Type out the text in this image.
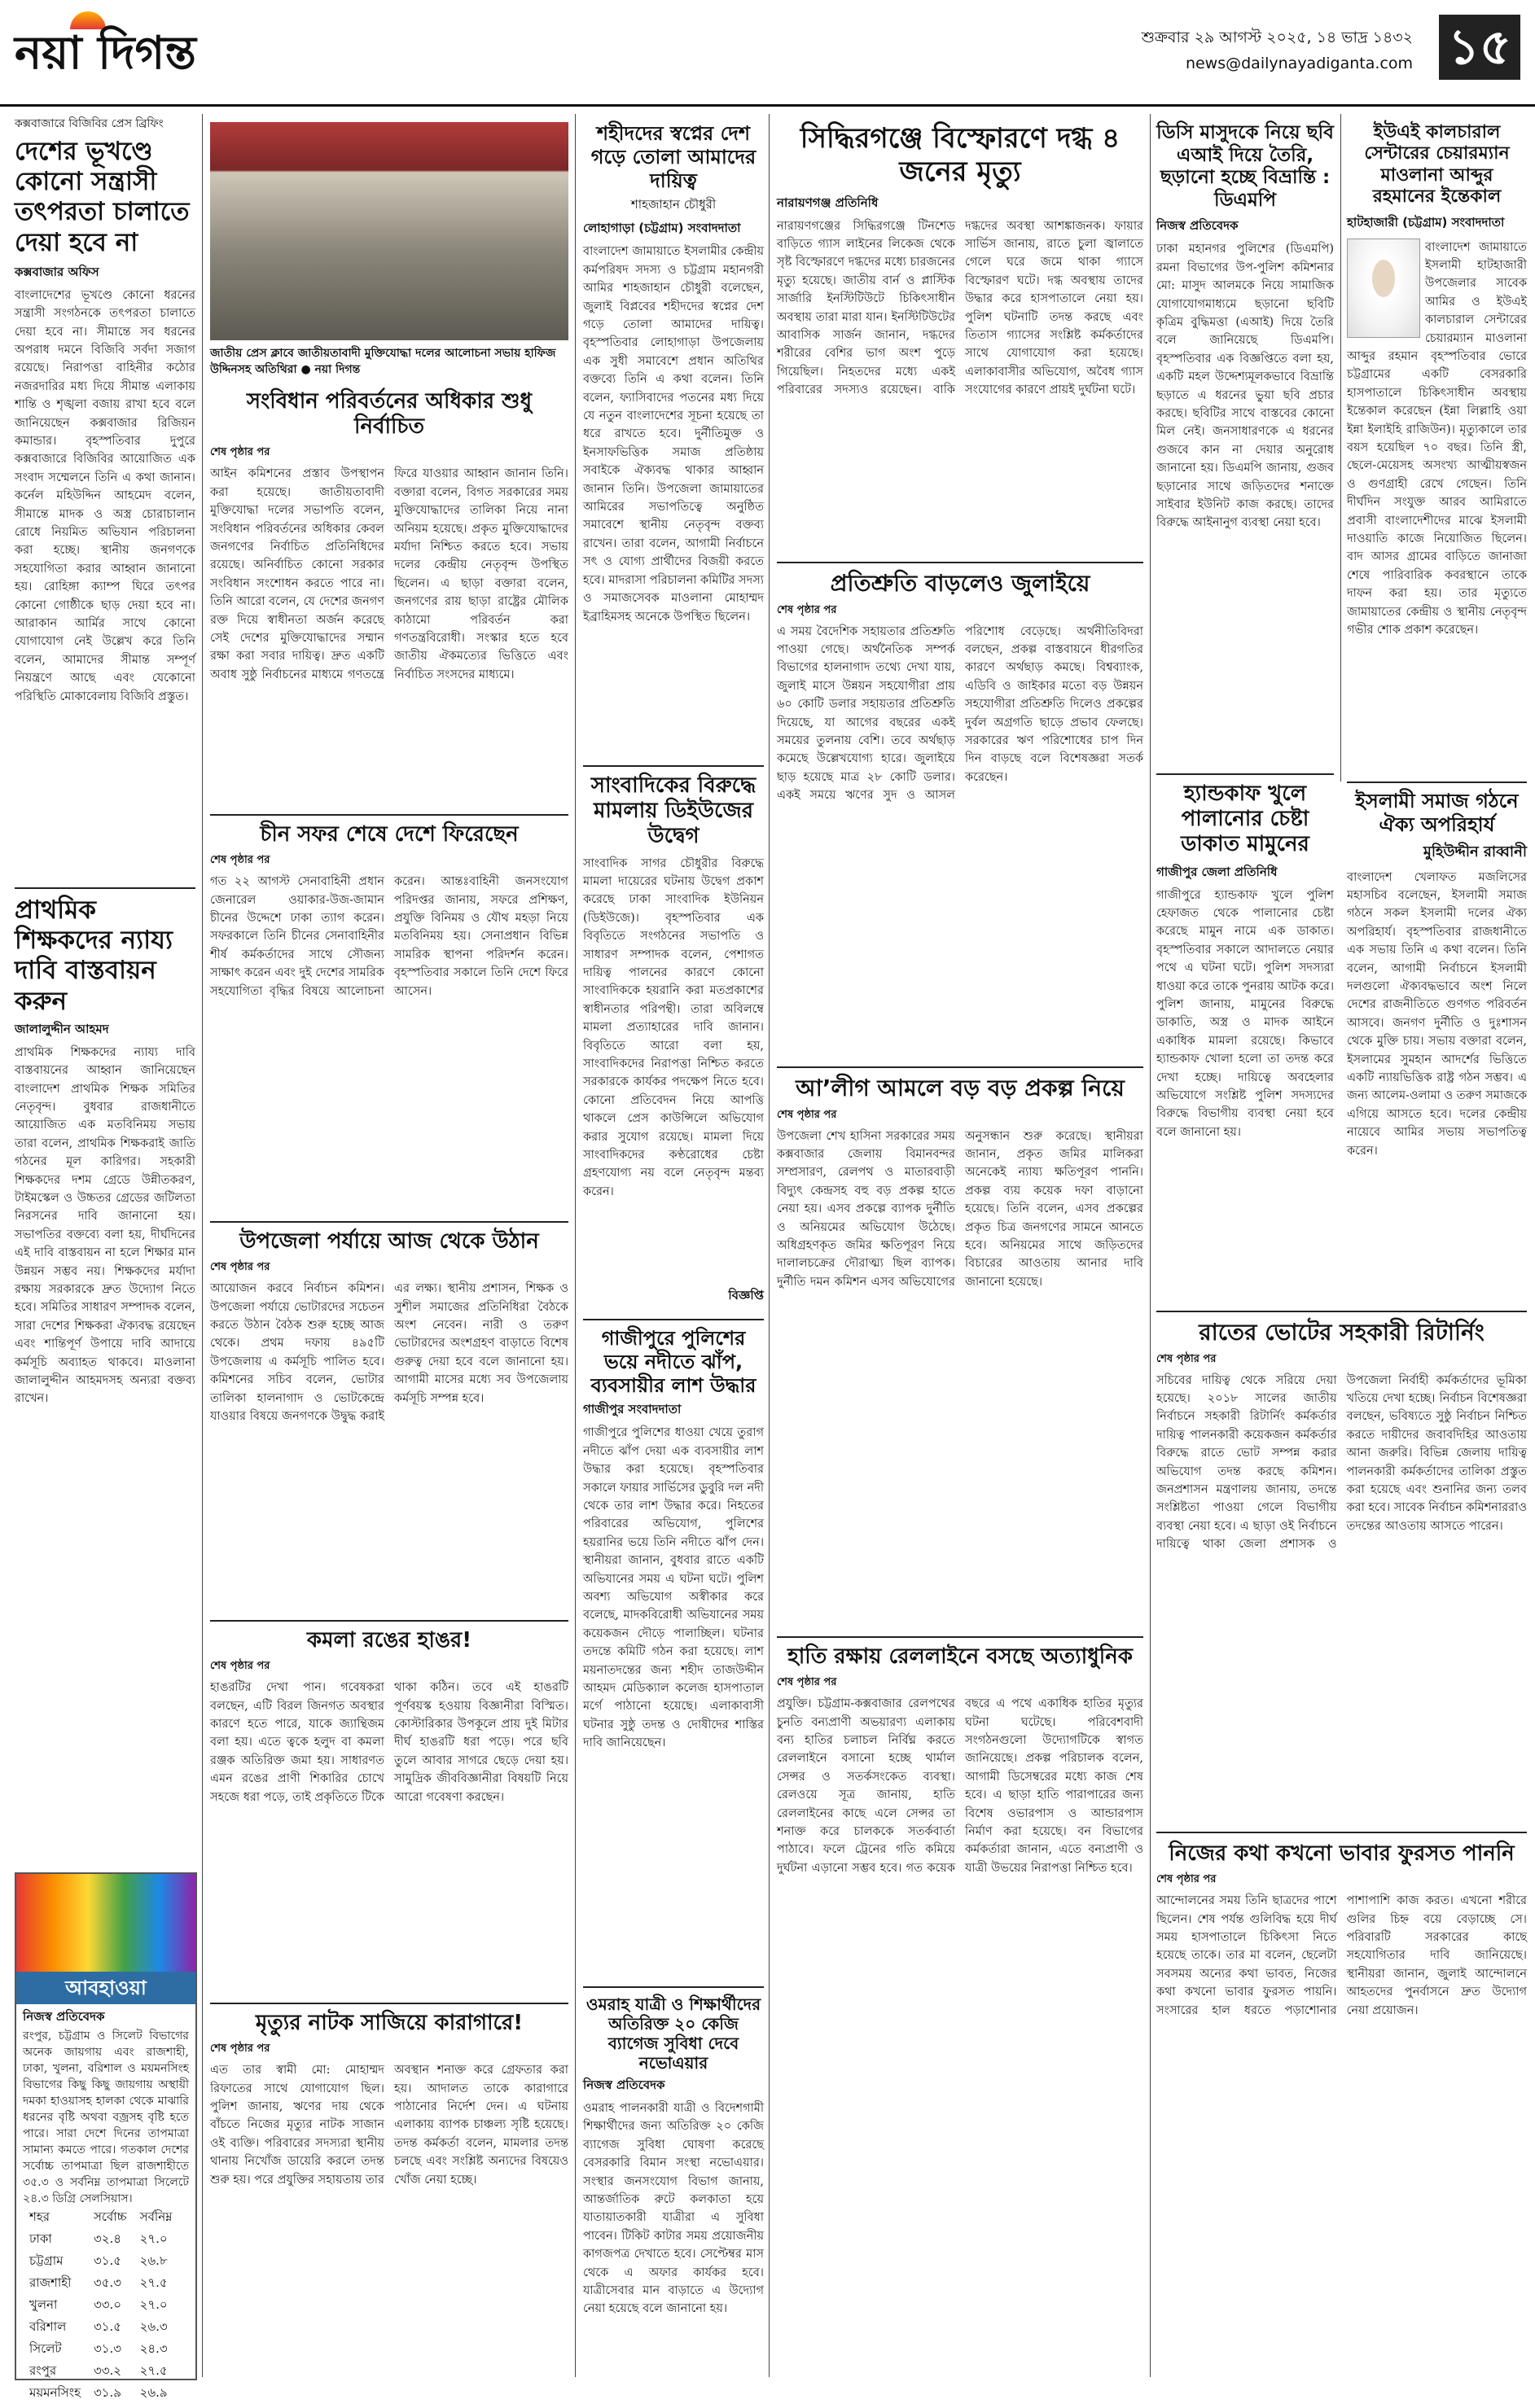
নয়া দিগন্ত	শুক্রবার ২৯ আগস্ট ২০২৫, ১৪ ভাদ্র ১৪৩২
news@dailynayadiganta.com ১৫
কক্সবাজারে বিজিবির প্রেস ব্রিফিং
দেশের ভূখণ্ডে কোনো সন্ত্রাসী তৎপরতা চালাতে দেয়া হবে না
কক্সবাজার অফিস
বাংলাদেশের ভূখণ্ডে কোনো ধরনের সন্ত্রাসী সংগঠনকে তৎপরতা চালাতে দেয়া হবে না। সীমান্তে সব ধরনের অপরাধ দমনে বিজিবি সর্বদা সজাগ রয়েছে। নিরাপত্তা বাহিনীর কঠোর নজরদারির মধ্য দিয়ে সীমান্ত এলাকায় শান্তি ও শৃঙ্খলা বজায় রাখা হবে বলে জানিয়েছেন কক্সবাজার রিজিয়ন কমান্ডার। বৃহস্পতিবার দুপুরে কক্সবাজারে বিজিবির আয়োজিত এক সংবাদ সম্মেলনে তিনি এ কথা জানান। কর্নেল মহিউদ্দিন আহমেদ বলেন, সীমান্তে মাদক ও অস্ত্র চোরাচালান রোধে নিয়মিত অভিযান পরিচালনা করা হচ্ছে। স্থানীয় জনগণকে সহযোগিতা করার আহ্বান জানানো হয়। রোহিঙ্গা ক্যাম্প ঘিরে তৎপর কোনো গোষ্ঠীকে ছাড় দেয়া হবে না। আরাকান আর্মির সাথে কোনো যোগাযোগ নেই উল্লেখ করে তিনি বলেন, আমাদের সীমান্ত সম্পূর্ণ নিয়ন্ত্রণে আছে এবং যেকোনো পরিস্থিতি মোকাবেলায় বিজিবি প্রস্তুত।
প্রাথমিক শিক্ষকদের ন্যায্য দাবি বাস্তবায়ন করুন
জালালুদ্দীন আহমদ
প্রাথমিক শিক্ষকদের ন্যায্য দাবি বাস্তবায়নের আহ্বান জানিয়েছেন বাংলাদেশ প্রাথমিক শিক্ষক সমিতির নেতৃবৃন্দ। বুধবার রাজধানীতে আয়োজিত এক মতবিনিময় সভায় তারা বলেন, প্রাথমিক শিক্ষকরাই জাতি গঠনের মূল কারিগর। সহকারী শিক্ষকদের দশম গ্রেডে উন্নীতকরণ, টাইমস্কেল ও উচ্চতর গ্রেডের জটিলতা নিরসনের দাবি জানানো হয়। সভাপতির বক্তব্যে বলা হয়, দীর্ঘদিনের এই দাবি বাস্তবায়ন না হলে শিক্ষার মান উন্নয়ন সম্ভব নয়। শিক্ষকদের মর্যাদা রক্ষায় সরকারকে দ্রুত উদ্যোগ নিতে হবে। সমিতির সাধারণ সম্পাদক বলেন, সারা দেশের শিক্ষকরা ঐক্যবদ্ধ রয়েছেন এবং শান্তিপূর্ণ উপায়ে দাবি আদায়ে কর্মসূচি অব্যাহত থাকবে। মাওলানা জালালুদ্দীন আহমদসহ অন্যরা বক্তব্য রাখেন।
আবহাওয়া
নিজস্ব প্রতিবেদক
রংপুর, চট্টগ্রাম ও সিলেট বিভাগের অনেক জায়গায় এবং রাজশাহী, ঢাকা, খুলনা, বরিশাল ও ময়মনসিংহ বিভাগের কিছু কিছু জায়গায় অস্থায়ী দমকা হাওয়াসহ হালকা থেকে মাঝারি ধরনের বৃষ্টি অথবা বজ্রসহ বৃষ্টি হতে পারে। সারা দেশে দিনের তাপমাত্রা সামান্য কমতে পারে। গতকাল দেশের সর্বোচ্চ তাপমাত্রা ছিল রাজশাহীতে ৩৫.৩ ও সর্বনিম্ন তাপমাত্রা সিলেটে ২৪.৩ ডিগ্রি সেলসিয়াস।
শহর	সর্বোচ্চ	সর্বনিম্ন
ঢাকা	৩২.৪	২৭.০
চট্টগ্রাম	৩১.৫	২৬.৮
রাজশাহী	৩৫.৩	২৭.৫
খুলনা	৩৩.০	২৭.০
বরিশাল	৩১.৫	২৬.৩
সিলেট	৩১.৩	২৪.৩
রংপুর	৩৩.২	২৭.৫
ময়মনসিংহ	৩১.৯	২৬.৯
জাতীয় প্রেস ক্লাবে জাতীয়তাবাদী মুক্তিযোদ্ধা দলের আলোচনা সভায় হাফিজ উদ্দিনসহ অতিথিরা ● নয়া দিগন্ত
সংবিধান পরিবর্তনের অধিকার শুধু নির্বাচিত
শেষ পৃষ্ঠার পর
আইন কমিশনের প্রস্তাব উপস্থাপন করা হয়েছে। জাতীয়তাবাদী মুক্তিযোদ্ধা দলের সভাপতি বলেন, সংবিধান পরিবর্তনের অধিকার কেবল জনগণের নির্বাচিত প্রতিনিধিদের রয়েছে। অনির্বাচিত কোনো সরকার সংবিধান সংশোধন করতে পারে না। তিনি আরো বলেন, যে দেশের জনগণ রক্ত দিয়ে স্বাধীনতা অর্জন করেছে সেই দেশের মুক্তিযোদ্ধাদের সম্মান রক্ষা করা সবার দায়িত্ব। দ্রুত একটি অবাধ সুষ্ঠু নির্বাচনের মাধ্যমে গণতন্ত্রে ফিরে যাওয়ার আহ্বান জানান তিনি। বক্তারা বলেন, বিগত সরকারের সময় মুক্তিযোদ্ধাদের তালিকা নিয়ে নানা অনিয়ম হয়েছে। প্রকৃত মুক্তিযোদ্ধাদের মর্যাদা নিশ্চিত করতে হবে। সভায় দলের কেন্দ্রীয় নেতৃবৃন্দ উপস্থিত ছিলেন। এ ছাড়া বক্তারা বলেন, জনগণের রায় ছাড়া রাষ্ট্রের মৌলিক কাঠামো পরিবর্তন করা গণতন্ত্রবিরোধী। সংস্কার হতে হবে জাতীয় ঐকমত্যের ভিত্তিতে এবং নির্বাচিত সংসদের মাধ্যমে।
চীন সফর শেষে দেশে ফিরেছেন
শেষ পৃষ্ঠার পর
গত ২২ আগস্ট সেনাবাহিনী প্রধান জেনারেল ওয়াকার-উজ-জামান চীনের উদ্দেশে ঢাকা ত্যাগ করেন। সফরকালে তিনি চীনের সেনাবাহিনীর শীর্ষ কর্মকর্তাদের সাথে সৌজন্য সাক্ষাৎ করেন এবং দুই দেশের সামরিক সহযোগিতা বৃদ্ধির বিষয়ে আলোচনা করেন। আন্তঃবাহিনী জনসংযোগ পরিদপ্তর জানায়, সফরে প্রশিক্ষণ, প্রযুক্তি বিনিময় ও যৌথ মহড়া নিয়ে মতবিনিময় হয়। সেনাপ্রধান বিভিন্ন সামরিক স্থাপনা পরিদর্শন করেন। বৃহস্পতিবার সকালে তিনি দেশে ফিরে আসেন।
উপজেলা পর্যায়ে আজ থেকে উঠান
শেষ পৃষ্ঠার পর
আয়োজন করবে নির্বাচন কমিশন। উপজেলা পর্যায়ে ভোটারদের সচেতন করতে উঠান বৈঠক শুরু হচ্ছে আজ থেকে। প্রথম দফায় ৪৯৫টি উপজেলায় এ কর্মসূচি পালিত হবে। কমিশনের সচিব বলেন, ভোটার তালিকা হালনাগাদ ও ভোটকেন্দ্রে যাওয়ার বিষয়ে জনগণকে উদ্বুদ্ধ করাই এর লক্ষ্য। স্থানীয় প্রশাসন, শিক্ষক ও সুশীল সমাজের প্রতিনিধিরা বৈঠকে অংশ নেবেন। নারী ও তরুণ ভোটারদের অংশগ্রহণ বাড়াতে বিশেষ গুরুত্ব দেয়া হবে বলে জানানো হয়। আগামী মাসের মধ্যে সব উপজেলায় কর্মসূচি সম্পন্ন হবে।
কমলা রঙের হাঙর!
শেষ পৃষ্ঠার পর
হাঙরটির দেখা পান। গবেষকরা বলছেন, এটি বিরল জিনগত অবস্থার কারণে হতে পারে, যাকে জ্যান্থিজম বলা হয়। এতে ত্বকে হলুদ বা কমলা রঞ্জক অতিরিক্ত জমা হয়। সাধারণত এমন রঙের প্রাণী শিকারির চোখে সহজে ধরা পড়ে, তাই প্রকৃতিতে টিকে থাকা কঠিন। তবে এই হাঙরটি পূর্ণবয়স্ক হওয়ায় বিজ্ঞানীরা বিস্মিত। কোস্টারিকার উপকূলে প্রায় দুই মিটার দীর্ঘ হাঙরটি ধরা পড়ে। পরে ছবি তুলে আবার সাগরে ছেড়ে দেয়া হয়। সামুদ্রিক জীববিজ্ঞানীরা বিষয়টি নিয়ে আরো গবেষণা করছেন।
মৃত্যুর নাটক সাজিয়ে কারাগারে!
শেষ পৃষ্ঠার পর
এত তার স্বামী মো: মোহাম্মদ রিফাতের সাথে যোগাযোগ ছিল। পুলিশ জানায়, ঋণের দায় থেকে বাঁচতে নিজের মৃত্যুর নাটক সাজান ওই ব্যক্তি। পরিবারের সদস্যরা স্থানীয় থানায় নিখোঁজ ডায়েরি করলে তদন্ত শুরু হয়। পরে প্রযুক্তির সহায়তায় তার অবস্থান শনাক্ত করে গ্রেফতার করা হয়। আদালত তাকে কারাগারে পাঠানোর নির্দেশ দেন। এ ঘটনায় এলাকায় ব্যাপক চাঞ্চল্য সৃষ্টি হয়েছে। তদন্ত কর্মকর্তা বলেন, মামলার তদন্ত চলছে এবং সংশ্লিষ্ট অন্যদের বিষয়েও খোঁজ নেয়া হচ্ছে।
শহীদদের স্বপ্নের দেশ গড়ে তোলা আমাদের দায়িত্ব
শাহজাহান চৌধুরী
লোহাগাড়া (চট্টগ্রাম) সংবাদদাতা
বাংলাদেশ জামায়াতে ইসলামীর কেন্দ্রীয় কর্মপরিষদ সদস্য ও চট্টগ্রাম মহানগরী আমির শাহজাহান চৌধুরী বলেছেন, জুলাই বিপ্লবের শহীদদের স্বপ্নের দেশ গড়ে তোলা আমাদের দায়িত্ব। বৃহস্পতিবার লোহাগাড়া উপজেলায় এক সুধী সমাবেশে প্রধান অতিথির বক্তব্যে তিনি এ কথা বলেন। তিনি বলেন, ফ্যাসিবাদের পতনের মধ্য দিয়ে যে নতুন বাংলাদেশের সূচনা হয়েছে তা ধরে রাখতে হবে। দুর্নীতিমুক্ত ও ইনসাফভিত্তিক সমাজ প্রতিষ্ঠায় সবাইকে ঐক্যবদ্ধ থাকার আহ্বান জানান তিনি। উপজেলা জামায়াতের আমিরের সভাপতিত্বে অনুষ্ঠিত সমাবেশে স্থানীয় নেতৃবৃন্দ বক্তব্য রাখেন। তারা বলেন, আগামী নির্বাচনে সৎ ও যোগ্য প্রার্থীদের বিজয়ী করতে হবে। মাদরাসা পরিচালনা কমিটির সদস্য ও সমাজসেবক মাওলানা মোহাম্মদ ইব্রাহিমসহ অনেকে উপস্থিত ছিলেন।
সাংবাদিকের বিরুদ্ধে মামলায় ডিইউজের উদ্বেগ
সাংবাদিক সাগর চৌধুরীর বিরুদ্ধে মামলা দায়েরের ঘটনায় উদ্বেগ প্রকাশ করেছে ঢাকা সাংবাদিক ইউনিয়ন (ডিইউজে)। বৃহস্পতিবার এক বিবৃতিতে সংগঠনের সভাপতি ও সাধারণ সম্পাদক বলেন, পেশাগত দায়িত্ব পালনের কারণে কোনো সাংবাদিককে হয়রানি করা মতপ্রকাশের স্বাধীনতার পরিপন্থী। তারা অবিলম্বে মামলা প্রত্যাহারের দাবি জানান। বিবৃতিতে আরো বলা হয়, সাংবাদিকদের নিরাপত্তা নিশ্চিত করতে সরকারকে কার্যকর পদক্ষেপ নিতে হবে। কোনো প্রতিবেদন নিয়ে আপত্তি থাকলে প্রেস কাউন্সিলে অভিযোগ করার সুযোগ রয়েছে। মামলা দিয়ে সাংবাদিকদের কণ্ঠরোধের চেষ্টা গ্রহণযোগ্য নয় বলে নেতৃবৃন্দ মন্তব্য করেন।
বিজ্ঞপ্তি
গাজীপুরে পুলিশের ভয়ে নদীতে ঝাঁপ, ব্যবসায়ীর লাশ উদ্ধার
গাজীপুর সংবাদদাতা
গাজীপুরে পুলিশের ধাওয়া খেয়ে তুরাগ নদীতে ঝাঁপ দেয়া এক ব্যবসায়ীর লাশ উদ্ধার করা হয়েছে। বৃহস্পতিবার সকালে ফায়ার সার্ভিসের ডুবুরি দল নদী থেকে তার লাশ উদ্ধার করে। নিহতের পরিবারের অভিযোগ, পুলিশের হয়রানির ভয়ে তিনি নদীতে ঝাঁপ দেন। স্থানীয়রা জানান, বুধবার রাতে একটি অভিযানের সময় এ ঘটনা ঘটে। পুলিশ অবশ্য অভিযোগ অস্বীকার করে বলেছে, মাদকবিরোধী অভিযানের সময় কয়েকজন দৌড়ে পালাচ্ছিল। ঘটনার তদন্তে কমিটি গঠন করা হয়েছে। লাশ ময়নাতদন্তের জন্য শহীদ তাজউদ্দীন আহমদ মেডিক্যাল কলেজ হাসপাতাল মর্গে পাঠানো হয়েছে। এলাকাবাসী ঘটনার সুষ্ঠু তদন্ত ও দোষীদের শাস্তির দাবি জানিয়েছেন।
ওমরাহ যাত্রী ও শিক্ষার্থীদের অতিরিক্ত ২০ কেজি ব্যাগেজ সুবিধা দেবে নভোএয়ার
নিজস্ব প্রতিবেদক
ওমরাহ পালনকারী যাত্রী ও বিদেশগামী শিক্ষার্থীদের জন্য অতিরিক্ত ২০ কেজি ব্যাগেজ সুবিধা ঘোষণা করেছে বেসরকারি বিমান সংস্থা নভোএয়ার। সংস্থার জনসংযোগ বিভাগ জানায়, আন্তর্জাতিক রুটে কলকাতা হয়ে যাতায়াতকারী যাত্রীরা এ সুবিধা পাবেন। টিকিট কাটার সময় প্রয়োজনীয় কাগজপত্র দেখাতে হবে। সেপ্টেম্বর মাস থেকে এ অফার কার্যকর হবে। যাত্রীসেবার মান বাড়াতে এ উদ্যোগ নেয়া হয়েছে বলে জানানো হয়।
সিদ্ধিরগঞ্জে বিস্ফোরণে দগ্ধ ৪ জনের মৃত্যু
নারায়ণগঞ্জ প্রতিনিধি
নারায়ণগঞ্জের সিদ্ধিরগঞ্জে টিনশেড বাড়িতে গ্যাস লাইনের লিকেজ থেকে সৃষ্ট বিস্ফোরণে দগ্ধদের মধ্যে চারজনের মৃত্যু হয়েছে। জাতীয় বার্ন ও প্লাস্টিক সার্জারি ইনস্টিটিউটে চিকিৎসাধীন অবস্থায় তারা মারা যান। ইনস্টিটিউটের আবাসিক সার্জন জানান, দগ্ধদের শরীরের বেশির ভাগ অংশ পুড়ে গিয়েছিল। নিহতদের মধ্যে একই পরিবারের সদস্যও রয়েছেন। বাকি দগ্ধদের অবস্থা আশঙ্কাজনক। ফায়ার সার্ভিস জানায়, রাতে চুলা জ্বালাতে গেলে ঘরে জমে থাকা গ্যাসে বিস্ফোরণ ঘটে। দগ্ধ অবস্থায় তাদের উদ্ধার করে হাসপাতালে নেয়া হয়। পুলিশ ঘটনাটি তদন্ত করছে এবং তিতাস গ্যাসের সংশ্লিষ্ট কর্মকর্তাদের সাথে যোগাযোগ করা হয়েছে। এলাকাবাসীর অভিযোগ, অবৈধ গ্যাস সংযোগের কারণে প্রায়ই দুর্ঘটনা ঘটে।
প্রতিশ্রুতি বাড়লেও জুলাইয়ে
শেষ পৃষ্ঠার পর
এ সময় বৈদেশিক সহায়তার প্রতিশ্রুতি পাওয়া গেছে। অর্থনৈতিক সম্পর্ক বিভাগের হালনাগাদ তথ্যে দেখা যায়, জুলাই মাসে উন্নয়ন সহযোগীরা প্রায় ৬০ কোটি ডলার সহায়তার প্রতিশ্রুতি দিয়েছে, যা আগের বছরের একই সময়ের তুলনায় বেশি। তবে অর্থছাড় কমেছে উল্লেখযোগ্য হারে। জুলাইয়ে ছাড় হয়েছে মাত্র ২৮ কোটি ডলার। একই সময়ে ঋণের সুদ ও আসল পরিশোধ বেড়েছে। অর্থনীতিবিদরা বলছেন, প্রকল্প বাস্তবায়নে ধীরগতির কারণে অর্থছাড় কমছে। বিশ্বব্যাংক, এডিবি ও জাইকার মতো বড় উন্নয়ন সহযোগীরা প্রতিশ্রুতি দিলেও প্রকল্পের দুর্বল অগ্রগতি ছাড়ে প্রভাব ফেলছে। সরকারের ঋণ পরিশোধের চাপ দিন দিন বাড়ছে বলে বিশেষজ্ঞরা সতর্ক করেছেন।
আ’লীগ আমলে বড় বড় প্রকল্প নিয়ে
শেষ পৃষ্ঠার পর
উপজেলা শেখ হাসিনা সরকারের সময় কক্সবাজার জেলায় বিমানবন্দর সম্প্রসারণ, রেলপথ ও মাতারবাড়ী বিদ্যুৎ কেন্দ্রসহ বহু বড় প্রকল্প হাতে নেয়া হয়। এসব প্রকল্পে ব্যাপক দুর্নীতি ও অনিয়মের অভিযোগ উঠেছে। অধিগ্রহণকৃত জমির ক্ষতিপূরণ নিয়ে দালালচক্রের দৌরাত্ম্য ছিল ব্যাপক। দুর্নীতি দমন কমিশন এসব অভিযোগের অনুসন্ধান শুরু করেছে। স্থানীয়রা জানান, প্রকৃত জমির মালিকরা অনেকেই ন্যায্য ক্ষতিপূরণ পাননি। প্রকল্প ব্যয় কয়েক দফা বাড়ানো হয়েছে। তিনি বলেন, এসব প্রকল্পের প্রকৃত চিত্র জনগণের সামনে আনতে হবে। অনিয়মের সাথে জড়িতদের বিচারের আওতায় আনার দাবি জানানো হয়েছে।
হাতি রক্ষায় রেললাইনে বসছে অত্যাধুনিক
শেষ পৃষ্ঠার পর
প্রযুক্তি। চট্টগ্রাম-কক্সবাজার রেলপথের চুনতি বন্যপ্রাণী অভয়ারণ্য এলাকায় বন্য হাতির চলাচল নির্বিঘ্ন করতে রেললাইনে বসানো হচ্ছে থার্মাল সেন্সর ও সতর্কসংকেত ব্যবস্থা। রেলওয়ে সূত্র জানায়, হাতি রেললাইনের কাছে এলে সেন্সর তা শনাক্ত করে চালককে সতর্কবার্তা পাঠাবে। ফলে ট্রেনের গতি কমিয়ে দুর্ঘটনা এড়ানো সম্ভব হবে। গত কয়েক বছরে এ পথে একাধিক হাতির মৃত্যুর ঘটনা ঘটেছে। পরিবেশবাদী সংগঠনগুলো উদ্যোগটিকে স্বাগত জানিয়েছে। প্রকল্প পরিচালক বলেন, আগামী ডিসেম্বরের মধ্যে কাজ শেষ হবে। এ ছাড়া হাতি পারাপারের জন্য বিশেষ ওভারপাস ও আন্ডারপাস নির্মাণ করা হয়েছে। বন বিভাগের কর্মকর্তারা জানান, এতে বন্যপ্রাণী ও যাত্রী উভয়ের নিরাপত্তা নিশ্চিত হবে।
ডিসি মাসুদকে নিয়ে ছবি এআই দিয়ে তৈরি, ছড়ানো হচ্ছে বিভ্রান্তি : ডিএমপি
নিজস্ব প্রতিবেদক
ঢাকা মহানগর পুলিশের (ডিএমপি) রমনা বিভাগের উপ-পুলিশ কমিশনার মো: মাসুদ আলমকে নিয়ে সামাজিক যোগাযোগমাধ্যমে ছড়ানো ছবিটি কৃত্রিম বুদ্ধিমত্তা (এআই) দিয়ে তৈরি বলে জানিয়েছে ডিএমপি। বৃহস্পতিবার এক বিজ্ঞপ্তিতে বলা হয়, একটি মহল উদ্দেশ্যমূলকভাবে বিভ্রান্তি ছড়াতে এ ধরনের ভুয়া ছবি প্রচার করছে। ছবিটির সাথে বাস্তবের কোনো মিল নেই। জনসাধারণকে এ ধরনের গুজবে কান না দেয়ার অনুরোধ জানানো হয়। ডিএমপি জানায়, গুজব ছড়ানোর সাথে জড়িতদের শনাক্তে সাইবার ইউনিট কাজ করছে। তাদের বিরুদ্ধে আইনানুগ ব্যবস্থা নেয়া হবে।
হ্যান্ডকাফ খুলে পালানোর চেষ্টা ডাকাত মামুনের
গাজীপুর জেলা প্রতিনিধি
গাজীপুরে হ্যান্ডকাফ খুলে পুলিশ হেফাজত থেকে পালানোর চেষ্টা করেছে মামুন নামে এক ডাকাত। বৃহস্পতিবার সকালে আদালতে নেয়ার পথে এ ঘটনা ঘটে। পুলিশ সদস্যরা ধাওয়া করে তাকে পুনরায় আটক করে। পুলিশ জানায়, মামুনের বিরুদ্ধে ডাকাতি, অস্ত্র ও মাদক আইনে একাধিক মামলা রয়েছে। কিভাবে হ্যান্ডকাফ খোলা হলো তা তদন্ত করে দেখা হচ্ছে। দায়িত্বে অবহেলার অভিযোগে সংশ্লিষ্ট পুলিশ সদস্যদের বিরুদ্ধে বিভাগীয় ব্যবস্থা নেয়া হবে বলে জানানো হয়।
রাতের ভোটের সহকারী রিটার্নিং
শেষ পৃষ্ঠার পর
সচিবের দায়িত্ব থেকে সরিয়ে দেয়া হয়েছে। ২০১৮ সালের জাতীয় নির্বাচনে সহকারী রিটার্নিং কর্মকর্তার দায়িত্ব পালনকারী কয়েকজন কর্মকর্তার বিরুদ্ধে রাতে ভোট সম্পন্ন করার অভিযোগ তদন্ত করছে কমিশন। জনপ্রশাসন মন্ত্রণালয় জানায়, তদন্তে সংশ্লিষ্টতা পাওয়া গেলে বিভাগীয় ব্যবস্থা নেয়া হবে। এ ছাড়া ওই নির্বাচনে দায়িত্বে থাকা জেলা প্রশাসক ও উপজেলা নির্বাহী কর্মকর্তাদের ভূমিকা খতিয়ে দেখা হচ্ছে। নির্বাচন বিশেষজ্ঞরা বলছেন, ভবিষ্যতে সুষ্ঠু নির্বাচন নিশ্চিত করতে দায়ীদের জবাবদিহির আওতায় আনা জরুরি। বিভিন্ন জেলায় দায়িত্ব পালনকারী কর্মকর্তাদের তালিকা প্রস্তুত করা হয়েছে এবং শুনানির জন্য তলব করা হবে। সাবেক নির্বাচন কমিশনাররাও তদন্তের আওতায় আসতে পারেন।
ইউএই কালচারাল সেন্টারের চেয়ারম্যান মাওলানা আব্দুর রহমানের ইন্তেকাল
হাটহাজারী (চট্টগ্রাম) সংবাদদাতা
বাংলাদেশ জামায়াতে ইসলামী হাটহাজারী উপজেলার সাবেক আমির ও ইউএই কালচারাল সেন্টারের চেয়ারম্যান মাওলানা আব্দুর রহমান বৃহস্পতিবার ভোরে চট্টগ্রামের একটি বেসরকারি হাসপাতালে চিকিৎসাধীন অবস্থায় ইন্তেকাল করেছেন (ইন্না লিল্লাহি ওয়া ইন্না ইলাইহি রাজিউন)। মৃত্যুকালে তার বয়স হয়েছিল ৭০ বছর। তিনি স্ত্রী, ছেলে-মেয়েসহ অসংখ্য আত্মীয়স্বজন ও গুণগ্রাহী রেখে গেছেন। তিনি দীর্ঘদিন সংযুক্ত আরব আমিরাতে প্রবাসী বাংলাদেশীদের মাঝে ইসলামী দাওয়াতি কাজে নিয়োজিত ছিলেন। বাদ আসর গ্রামের বাড়িতে জানাজা শেষে পারিবারিক কবরস্থানে তাকে দাফন করা হয়। তার মৃত্যুতে জামায়াতের কেন্দ্রীয় ও স্থানীয় নেতৃবৃন্দ গভীর শোক প্রকাশ করেছেন।
ইসলামী সমাজ গঠনে ঐক্য অপরিহার্য
মুহিউদ্দীন রাব্বানী
বাংলাদেশ খেলাফত মজলিসের মহাসচিব বলেছেন, ইসলামী সমাজ গঠনে সকল ইসলামী দলের ঐক্য অপরিহার্য। বৃহস্পতিবার রাজধানীতে এক সভায় তিনি এ কথা বলেন। তিনি বলেন, আগামী নির্বাচনে ইসলামী দলগুলো ঐক্যবদ্ধভাবে অংশ নিলে দেশের রাজনীতিতে গুণগত পরিবর্তন আসবে। জনগণ দুর্নীতি ও দুঃশাসন থেকে মুক্তি চায়। সভায় বক্তারা বলেন, ইসলামের সুমহান আদর্শের ভিত্তিতে একটি ন্যায়ভিত্তিক রাষ্ট্র গঠন সম্ভব। এ জন্য আলেম-ওলামা ও তরুণ সমাজকে এগিয়ে আসতে হবে। দলের কেন্দ্রীয় নায়েবে আমির সভায় সভাপতিত্ব করেন।
নিজের কথা কখনো ভাবার ফুরসত পাননি
শেষ পৃষ্ঠার পর
আন্দোলনের সময় তিনি ছাত্রদের পাশে ছিলেন। শেষ পর্যন্ত গুলিবিদ্ধ হয়ে দীর্ঘ সময় হাসপাতালে চিকিৎসা নিতে হয়েছে তাকে। তার মা বলেন, ছেলেটা সবসময় অন্যের কথা ভাবত, নিজের কথা কখনো ভাবার ফুরসত পায়নি। সংসারের হাল ধরতে পড়াশোনার পাশাপাশি কাজ করত। এখনো শরীরে গুলির চিহ্ন বয়ে বেড়াচ্ছে সে। পরিবারটি সরকারের কাছে সহযোগিতার দাবি জানিয়েছে। স্থানীয়রা জানান, জুলাই আন্দোলনে আহতদের পুনর্বাসনে দ্রুত উদ্যোগ নেয়া প্রয়োজন।
